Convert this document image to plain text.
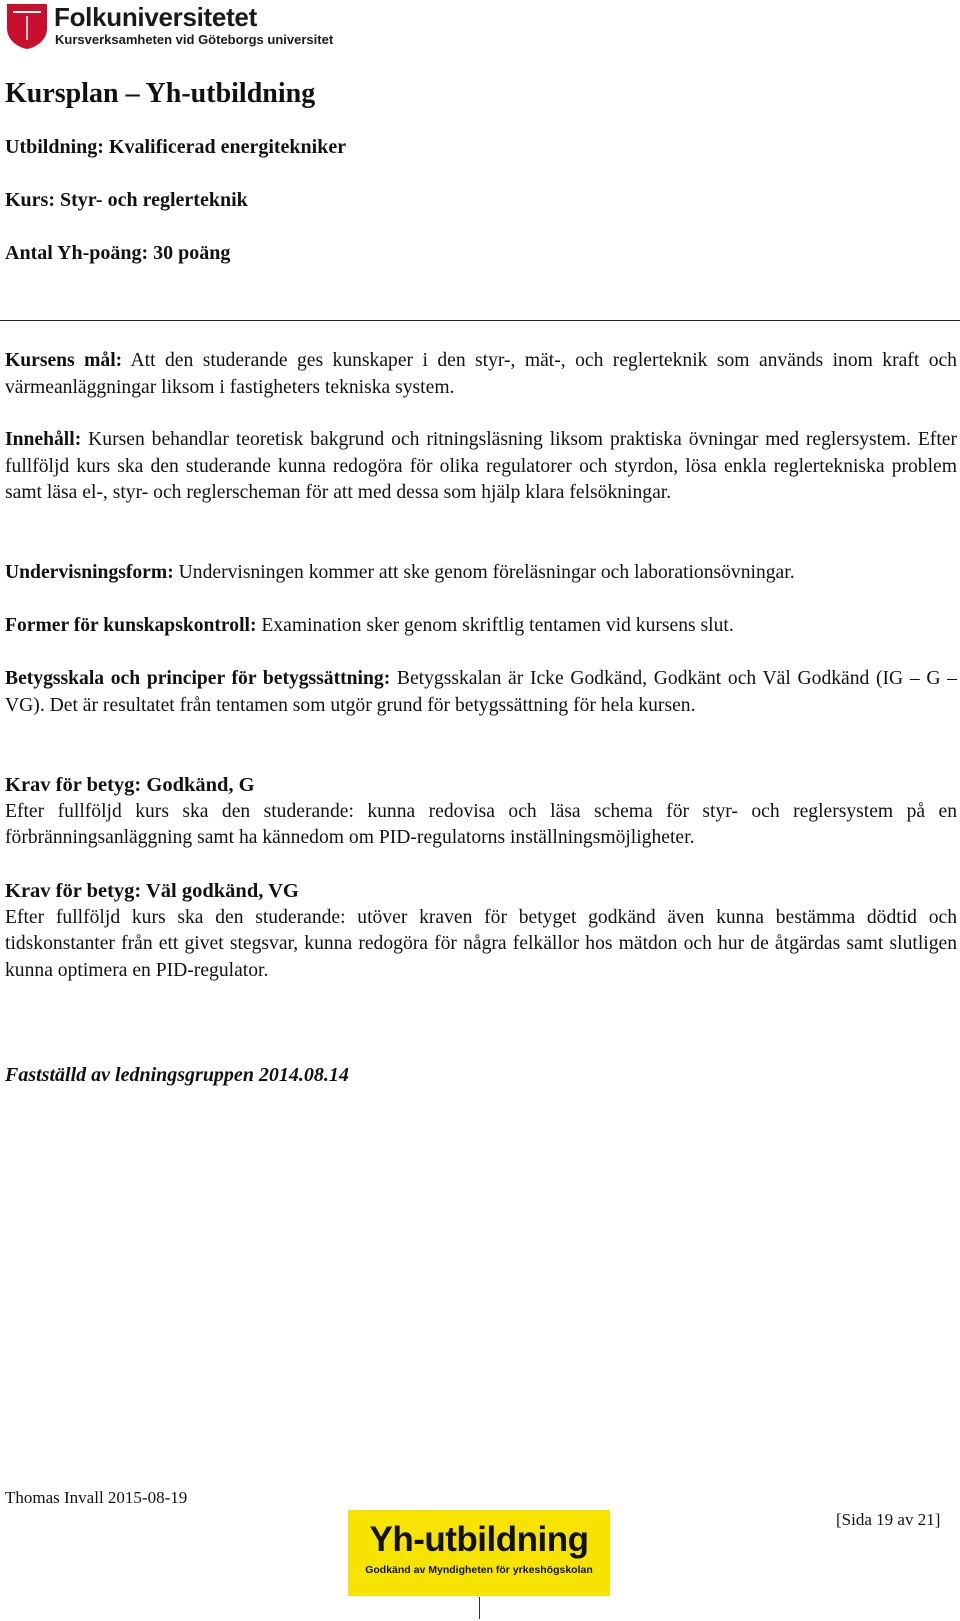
Folkuniversitetet
Kursverksamheten vid Göteborgs universitet
Kursplan – Yh-utbildning
Utbildning: Kvalificerad energitekniker
Kurs: Styr- och reglerteknik
Antal Yh-poäng: 30 poäng
Kursens mål: Att den studerande ges kunskaper i den styr-, mät-, och reglerteknik som används inom kraft och värmeanläggningar liksom i fastigheters tekniska system.
Innehåll: Kursen behandlar teoretisk bakgrund och ritningsläsning liksom praktiska övningar med reglersystem. Efter fullföljd kurs ska den studerande kunna redogöra för olika regulatorer och styrdon, lösa enkla reglertekniska problem samt läsa el-, styr- och reglerscheman för att med dessa som hjälp klara felsökningar.
Undervisningsform: Undervisningen kommer att ske genom föreläsningar och laborationsövningar.
Former för kunskapskontroll: Examination sker genom skriftlig tentamen vid kursens slut.
Betygsskala och principer för betygssättning: Betygsskalan är Icke Godkänd, Godkänt och Väl Godkänd (IG – G – VG). Det är resultatet från tentamen som utgör grund för betygssättning för hela kursen.
Krav för betyg: Godkänd, G
Efter fullföljd kurs ska den studerande: kunna redovisa och läsa schema för styr- och reglersystem på en förbränningsanläggning samt ha kännedom om PID-regulatorns inställningsmöjligheter.
Krav för betyg: Väl godkänd, VG
Efter fullföljd kurs ska den studerande: utöver kraven för betyget godkänd även kunna bestämma dödtid och tidskonstanter från ett givet stegsvar, kunna redogöra för några felkällor hos mätdon och hur de åtgärdas samt slutligen kunna optimera en PID-regulator.
Fastställd av ledningsgruppen 2014.08.14
Thomas Invall 2015-08-19
Yh-utbildning
Godkänd av Myndigheten för yrkeshögskolan
[Sida 19 av 21]
